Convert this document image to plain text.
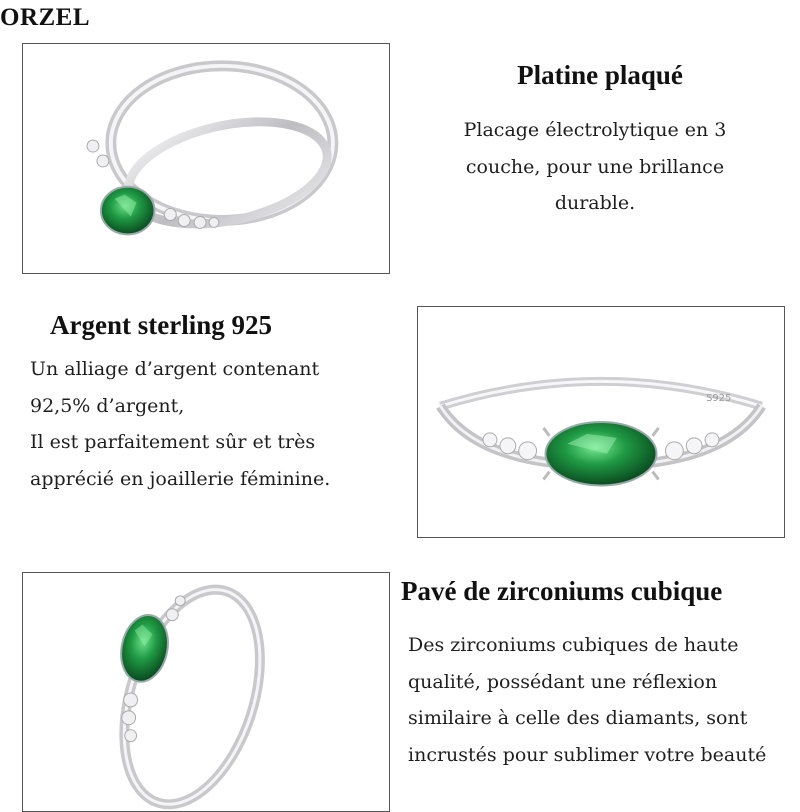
ORZEL
Platine plaqué
Placage électrolytique en 3
couche, pour une brillance
durable.
Argent sterling 925
Un alliage d’argent contenant
92,5% d’argent,
Il est parfaitement sûr et très
apprécié en joaillerie féminine.
S925
Pavé de zirconiums cubique
Des zirconiums cubiques de haute
qualité, possédant une réflexion
similaire à celle des diamants, sont
incrustés pour sublimer votre beauté
